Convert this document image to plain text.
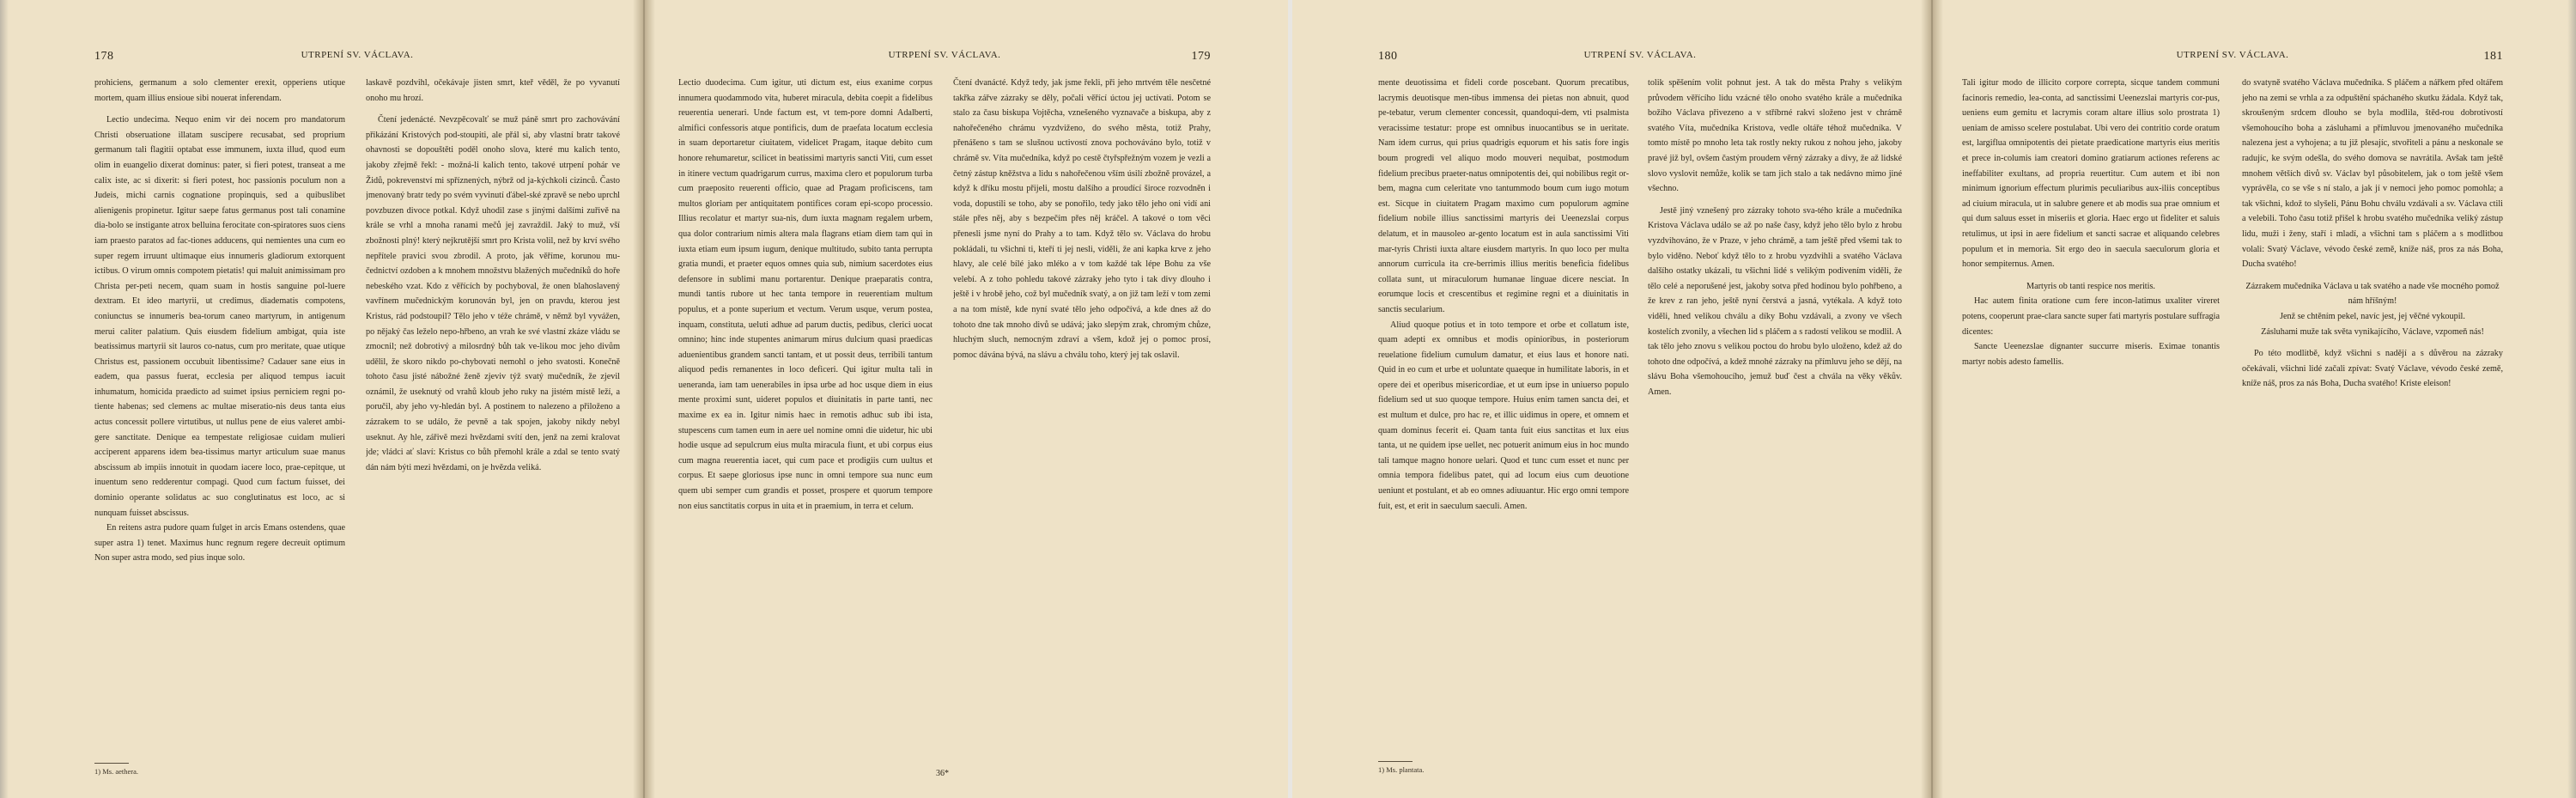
178	UTRPENÍ SV. VÁCLAVA.

prohiciens, germanum a solo clementer erexit, opperiens utique mortem, quam illius ensioue sibi nouerat inferendam.

Lectio undecima. Nequo enim vir dei nocem pro mandatorum Christi obseruatione illatam suscipere recusabat, sed proprium germanum tali flagitii optabat esse immunem, iuxta illud, quod eum olim in euangelio dixerat dominus: pater, si fieri potest, transeat a me calix iste, ac si dixerit: si fieri potest, hoc passionis poculum non a Judeis, michi carnis cognatione propinquis, sed a quibuslibet alienigenis propinetur. Igitur saepe fatus germanus post tali conamine dia-bolo se instigante atrox belluina ferocitate con-spiratores suos ciens iam praesto paratos ad fac-tiones adducens, qui nemientes una cum eo super regem irruunt ultimaque eius innumeris gladiorum extorquent ictibus. O virum omnis compotem pietatis! qui maluit animissimam pro Christa per-peti necem, quam suam in hostis sanguine pol-luere dextram. Et ideo martyrii, ut credimus, diadematis compotens, coniunctus se innumeris bea-torum caneo martyrum, in antigenum merui caliter palatium. Quis eiusdem fidelium ambigat, quia iste beatissimus martyrii sit lauros co-natus, cum pro meritate, quae utique Christus est, passionem occubuit libentissime? Cadauer sane eius in eadem, qua passus fuerat, ecclesia per aliquod tempus iacuit inhumatum, homicida praedicto ad suimet ipsius perniciem regni po-tiente habenas; sed clemens ac multae miseratio-nis deus tanta eius actus concessit pollere virtutibus, ut nullus pene de eius valeret ambi-gere sanctitate. Denique ea tempestate religiosae cuidam mulieri acciperent apparens idem bea-tissimus martyr articulum suae manus abscissum ab impiis innotuit in quodam iacere loco, prae-cepitque, ut inuentum seno redderentur compagi. Quod cum factum fuisset, dei dominio operante solidatus ac suo conglutinatus est loco, ac si nunquam fuisset abscissus.

En reitens astra pudore quam fulget in arcis Emans ostendens, quae super astra 1) tenet. Maximus hunc regnum regere decreuit optimum Non super astra modo, sed pius inque solo.

laskavě pozdvihl, očekávaje jisten smrt, kteř věděl, že po vyvanutí onoho mu hrozí.

Čtení jedenácté. Nevzpěcovalť se muž páně smrt pro zachovávání přikázání Kristových pod-stoupiti, ale přál si, aby vlastní bratr takové ohavnosti se dopouštěti poděl onoho slova, které mu kalich tento, jakoby zřejmě řekl: - možná-li kalich tento, takové utrpení pohár ve Židů, pokrevenství mi spříznených, nýbrž od ja-kýchkoli cizinců. Často jmenovaný bratr tedy po svém vyvinutí ďábel-ské zpravě se nebo uprchl povzbuzen divoce potkal. Když uhodil zase s jinými dalšími zuřivě na krále se vrhl a mnoha ranami mečů jej zavraždil. Jaký to muž, vší zbožnosti plný! který nejkrutější smrt pro Krista volil, než by krví svého nepřítele pravici svou zbrodil. A proto, jak věříme, korunou mu-čednictví ozdoben a k mnohem množstvu blažených mučedníků do hoře nebeského vzat. Kdo z věřících by pochyboval, že onen blahoslavený vavřínem mučednickým korunován byl, jen on pravdu, kterou jest Kristus, rád podstoupil? Tělo jeho v téže chrámě, v němž byl vyvážen, po nějaký čas leželo nepo-hřbeno, an vrah ke své vlastní zkáze vládu se zmocnil; než dobrotivý a milosrdný bůh tak ve-likou moc jeho divům udělil, že skoro nikdo po-chybovati nemohl o jeho svatosti. Konečně tohoto času jisté nábožné ženě zjeviv týž svatý mučedník, že zjevil oznámil, že useknutý od vrahů kloub jeho ruky na jistém místě leží, a poručil, aby jeho vy-hledán byl. A postinem to nalezeno a přiloženo a zázrakem to se událo, že pevně a tak spojen, jakoby nikdy nebyl useknut. Ay hle, zářivě mezi hvězdami svítí den, jenž na zemi kralovat jde; vládci ať slaví: Kristus co bůh přemohl krále a zdal se tento svatý dán nám býti mezi hvězdami, on je hvězda veliká.

1) Ms. aethera.
UTRPENÍ SV. VÁCLAVA.	179

Lectio duodecima. Cum igitur, uti dictum est, eius exanime corpus innumera quodammodo vita, huberet miracula, debita coepit a fidelibus reuerentia uenerari. Unde factum est, vt tem-pore domni Adalberti, almifici confessoris atque pontificis, dum de praefata locatum ecclesia in suam deportaretur ciuitatem, videlicet Pragam, itaque debito cum honore rehumaretur, scilicet in beatissimi martyris sancti Viti, cum esset in itinere vectum quadrigarum currus, maxima clero et populorum turba cum praeposito reuerenti officio, quae ad Pragam proficiscens, tam multos gloriam per antiquitatem pontifices coram epi-scopo processio. Illius recolatur et martyr sua-nis, dum iuxta magnam regalem urbem, qua dolor contrarium nimis altera mala flagrans etiam diem tam qui in iuxta etiam eum ipsum iugum, denique multitudo, subito tanta perrupta gratia mundi, et praeter equos omnes quia sub, nimium sacerdotes eius defensore in sublimi manu portarentur. Denique praeparatis contra, mundi tantis rubore ut hec tanta tempore in reuerentiam multum populus, et a ponte superium et vectum. Verum usque, verum postea, inquam, constituta, ueluti adhue ad parum ductis, pedibus, clerici uocat omnino; hinc inde stupentes animarum mirus dulcium quasi praedicas aduenientibus grandem sancti tantam, et ut possit deus, terribili tantum aliquod pedis remanentes in loco deficeri. Qui igitur multa tali in ueneranda, iam tam uenerabiles in ipsa urbe ad hoc usque diem in eius mente proximi sunt, uideret populos et diuinitatis in parte tanti, nec maxime ex ea in. Igitur nimis haec in remotis adhuc sub ibi ista, stupescens cum tamen eum in aere uel nomine omni die uidetur, hic ubi hodie usque ad sepulcrum eius multa miracula fiunt, et ubi corpus eius cum magna reuerentia iacet, qui cum pace et prodigiis cum uultus et corpus. Et saepe gloriosus ipse nunc in omni tempore sua nunc eum quem ubi semper cum grandis et posset, prospere et quorum tempore non eius sanctitatis corpus in uita et in praemium, in terra et celum.

Čtení dvanácté. Když tedy, jak jsme řekli, při jeho mrtvém těle nesčetné takřka zářve zázraky se děly, počali věřící úctou jej uctívati. Potom se stalo za času biskupa Vojtěcha, vznešeného vyznavače a biskupa, aby z nahořečeného chrámu vyzdviženo, do svého města, totiž Prahy, přenášeno s tam se slušnou uctivostí znova pochováváno bylo, totiž v chrámě sv. Víta mučedníka, když po cestě čtyřspřežným vozem je vezli a četný zástup kněžstva a lidu s nahořečenou vším úsilí zbožně provázel, a když k dříku mostu přijeli, mostu dalšího a proudící široce rozvodněn i voda, dopustili se toho, aby se ponořilo, tedy jako tělo jeho oni vidí ani stále přes něj, aby s bezpečím přes něj kráčel. A takové o tom věci přenesli jsme nyní do Prahy a to tam. Když tělo sv. Václava do hrobu pokládali, tu všichni ti, kteří ti jej nesli, viděli, že ani kapka krve z jeho hlavy, ale celé bílé jako mléko a v tom každé tak lépe Bohu za vše velebí. A z toho pohledu takové zázraky jeho tyto i tak divy dlouho i ještě i v hrobě jeho, což byl mučedník svatý, a on již tam leží v tom zemi a na tom místě, kde nyní svaté tělo jeho odpočívá, a kde dnes až do tohoto dne tak mnoho divů se udává; jako slepým zrak, chromým chůze, hluchým sluch, nemocným zdraví a všem, kdož jej o pomoc prosí, pomoc dávána bývá, na slávu a chválu toho, který jej tak oslavil.

36*
180	UTRPENÍ SV. VÁCLAVA.

mente deuotissima et fideli corde poscebant. Quorum precatibus, lacrymis deuotisque men-tibus immensa dei pietas non abnuit, quod pe-tebatur, verum clementer concessit, quandoqui-dem, vti psalmista veracissime testatur: prope est omnibus inuocantibus se in ueritate. Nam idem currus, qui prius quadrigis equorum et his satis fore ingis boum progredi vel aliquo modo mouveri nequibat, postmodum fidelium precibus praeter-natus omnipotentis dei, qui nobilibus regit or-bem, magna cum celeritate vno tantummodo boum cum iugo motum est. Sicque in ciuitatem Pragam maximo cum populorum agmine fidelium nobile illius sanctissimi martyris dei Ueenezslai corpus delatum, et in mausoleo ar-gento locatum est in aula sanctissimi Viti mar-tyris Christi iuxta altare eiusdem martyris. In quo loco per multa annorum curricula ita cre-berrimis illius meritis beneficia fidelibus collata sunt, ut miraculorum humanae linguae dicere nesciat. In eorumque locis et crescentibus et regimine regni et a diuinitatis in sanctis secularium.

Aliud quoque potius et in toto tempore et orbe et collatum iste, quam adepti ex omnibus et modis opinioribus, in posteriorum reuelatione fidelium cumulum damatur, et eius laus et honore nati. Quid in eo cum et urbe et uoluntate quaeque in humilitate laboris, in et opere dei et operibus misericordiae, et ut eum ipse in uniuerso populo fidelium sed ut suo quoque tempore. Huius enim tamen sancta dei, et est multum et dulce, pro hac re, et illic uidimus in opere, et omnem et quam dominus fecerit ei. Quam tanta fuit eius sanctitas et lux eius tanta, ut ne quidem ipse uellet, nec potuerit animum eius in hoc mundo tali tamque magno honore uelari. Quod et tunc cum esset et nunc per omnia tempora fidelibus patet, qui ad locum eius cum deuotione ueniunt et postulant, et ab eo omnes adiuuantur. Hic ergo omni tempore fuit, est, et erit in saeculum saeculi. Amen.

tolik spěšením volit pohnut jest. A tak do města Prahy s velikým průvodem věřícího lidu vzácné tělo onoho svatého krále a mučedníka božího Václava přivezeno a v stříbrné rakvi složeno jest v chrámě svatého Víta, mučedníka Kristova, vedle oltáře téhož mučedníka. V tomto místě po mnoho leta tak rostly nekty rukou z nohou jeho, jakoby pravé již byl, ovšem častým proudem věrný zázraky a divy, že až lidské slovo vyslovit nemůže, kolik se tam jich stalo a tak nedávno mimo jiné všechno.

Jestě jiný vznešený pro zázraky tohoto sva-tého krále a mučedníka Kristova Václava událo se až po naše časy, když jeho tělo bylo z hrobu vyzdvihováno, že v Praze, v jeho chrámě, a tam ještě před všemi tak to bylo viděno. Neboť když tělo to z hrobu vyzdvihli a svatého Václava dalšího ostatky ukázali, tu všichni lidé s velikým podivením viděli, že tělo celé a neporušené jest, jakoby sotva před hodinou bylo pohřbeno, a že krev z ran jeho, ještě nyní čerstvá a jasná, vytékala. A když toto viděli, hned velikou chválu a díky Bohu vzdávali, a zvony ve všech kostelích zvonily, a všechen lid s pláčem a s radostí velikou se modlil. A tak tělo jeho znovu s velikou poctou do hrobu bylo uloženo, kdež až do tohoto dne odpočívá, a kdež mnohé zázraky na přímluvu jeho se dějí, na slávu Boha všemohoucího, jemuž buď čest a chvála na věky věkův. Amen.

1) Ms. plantata.
UTRPENÍ SV. VÁCLAVA.	181

Tali igitur modo de illicito corpore correpta, sicque tandem communi facinoris remedio, lea-conta, ad sanctissimi Ueenezslai martyris cor-pus, ueniens eum gemitu et lacrymis coram altare illius solo prostrata 1) ueniam de amisso scelere postulabat. Ubi vero dei contritio corde oratum est, largiflua omnipotentis dei pietate praedicatione martyris eius meritis et prece in-columis iam creatori domino gratiarum actiones referens ac ineffabiliter exultans, ad propria reuertitur. Cum autem et ibi non minimum ignorium effectum plurimis peculiaribus aux-iliis conceptibus ad ciuium miracula, ut in salubre genere et ab modis sua prae omnium et qui dum saluus esset in miseriis et gloria. Haec ergo ut fideliter et saluis retulimus, ut ipsi in aere fidelium et sancti sacrae et aliquando celebres populum et in memoria. Sit ergo deo in saecula saeculorum gloria et honor sempiternus. Amen.

Martyris ob tanti respice nos meritis.

Hac autem finita oratione cum fere incon-latimus uxaliter vireret potens, cooperunt prae-clara sancte super fati martyris postulare suffragia dicentes:

Sancte Ueenezslae dignanter succurre miseris. Eximae tonantis martyr nobis adesto famellis.

do svatyně svatého Václava mučedníka. S pláčem a nářkem před oltářem jeho na zemi se vrhla a za odpuštění spáchaného skutku žádala. Když tak, skroušeným srdcem dlouho se byla modlila, štěd-rou dobrotivostí všemohoucího boha a zásluhami a přímluvou jmenovaného mučedníka nalezena jest a vyhojena; a tu již plesajíc, stvořiteli a pánu a neskonale se radujíc, ke svým odešla, do svého domova se navrátila. Avšak tam ještě mnohem větších divů sv. Václav byl působitelem, jak o tom ještě všem vyprávěla, co se vše s ní stalo, a jak jí v nemoci jeho pomoc pomohla; a tak všichni, kdož to slyšeli, Pánu Bohu chválu vzdávali a sv. Václava ctili a velebili. Toho času totiž přišel k hrobu svatého mučedníka veliký zástup lidu, muži i ženy, staří i mladí, a všichni tam s pláčem a s modlitbou volali: Svatý Václave, vévodo české země, kníže náš, pros za nás Boha, Ducha svatého!

Zázrakem mučedníka Václava u tak svatého a nade vše mocného pomož nám hříšným!

Jenž se chtěním pekel, navíc jest, jej věčné vykoupil.

Zásluhami muže tak světa vynikajícího, Václave, vzpomeň nás!

Po této modlitbě, když všichni s nadějí a s důvěrou na zázraky očekávali, všichni lidé začali zpívat: Svatý Václave, vévodo české země, kníže náš, pros za nás Boha, Ducha svatého! Kriste eleison!
